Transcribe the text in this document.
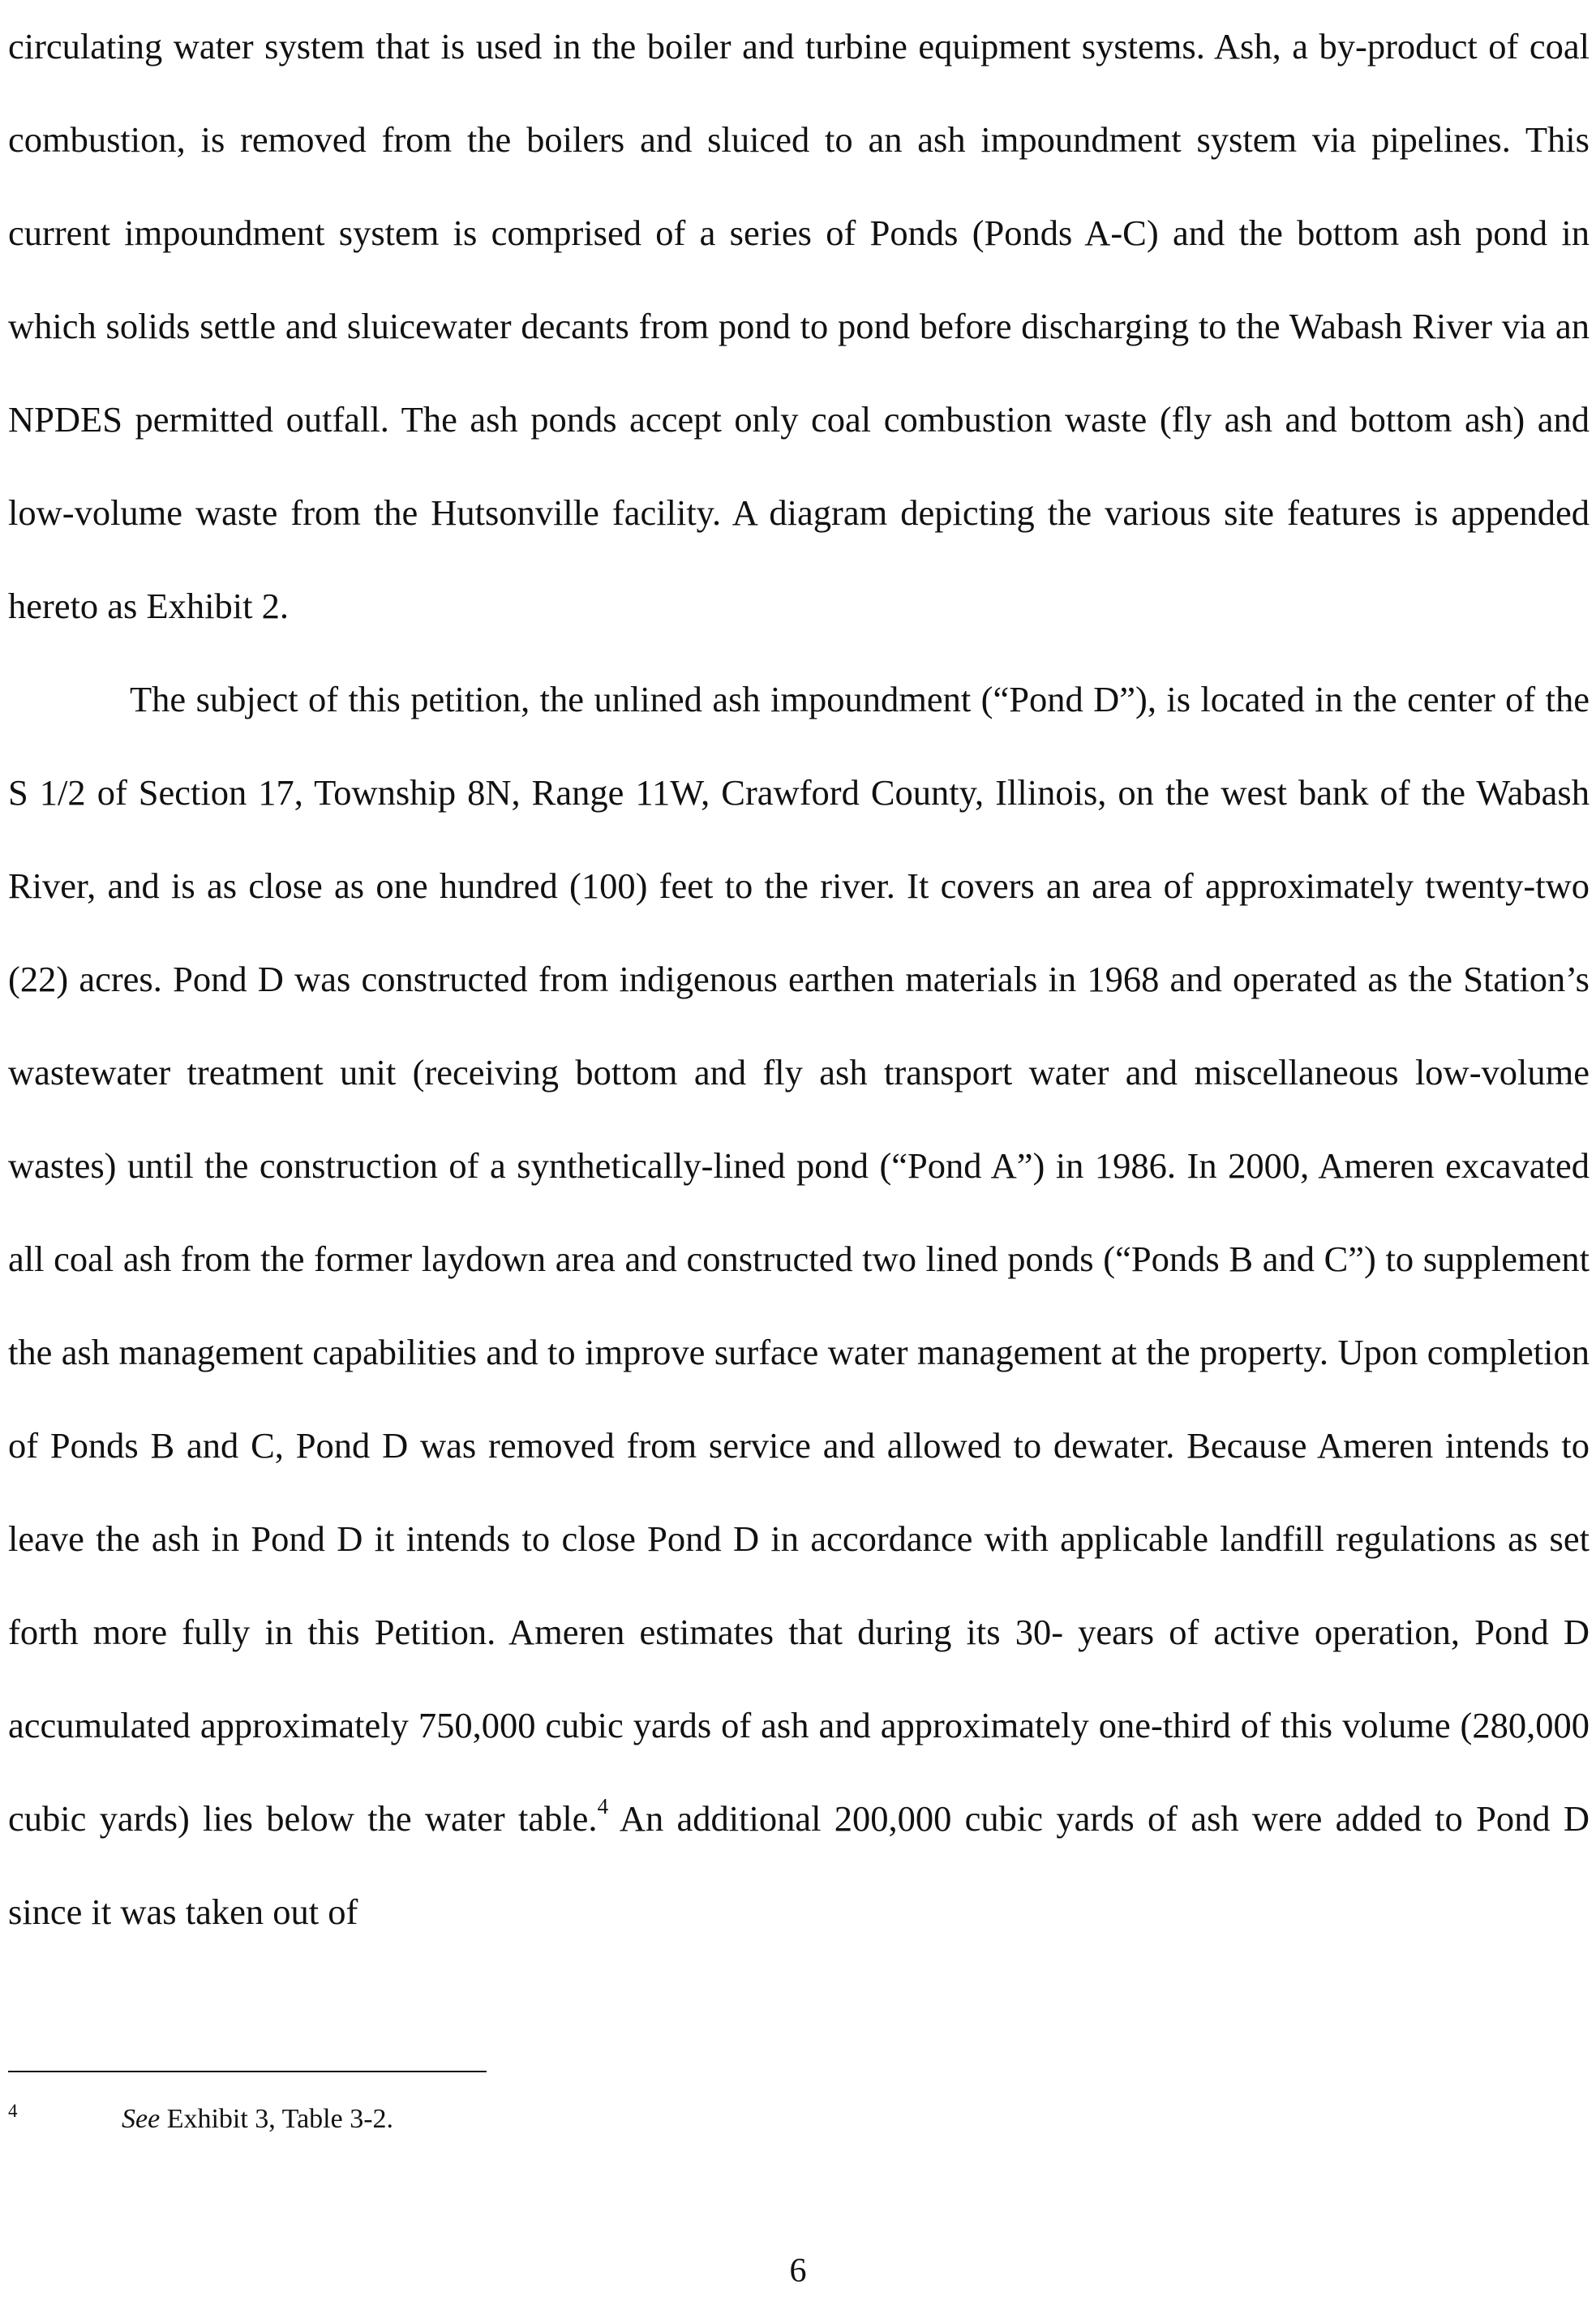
circulating water system that is used in the boiler and turbine equipment systems. Ash, a by-product of coal combustion, is removed from the boilers and sluiced to an ash impoundment system via pipelines. This current impoundment system is comprised of a series of Ponds (Ponds A-C) and the bottom ash pond in which solids settle and sluicewater decants from pond to pond before discharging to the Wabash River via an NPDES permitted outfall. The ash ponds accept only coal combustion waste (fly ash and bottom ash) and low-volume waste from the Hutsonville facility. A diagram depicting the various site features is appended hereto as Exhibit 2.

The subject of this petition, the unlined ash impoundment (“Pond D”), is located in the center of the S 1/2 of Section 17, Township 8N, Range 11W, Crawford County, Illinois, on the west bank of the Wabash River, and is as close as one hundred (100) feet to the river. It covers an area of approximately twenty-two (22) acres. Pond D was constructed from indigenous earthen materials in 1968 and operated as the Station’s wastewater treatment unit (receiving bottom and fly ash transport water and miscellaneous low-volume wastes) until the construction of a synthetically-lined pond (“Pond A”) in 1986. In 2000, Ameren excavated all coal ash from the former laydown area and constructed two lined ponds (“Ponds B and C”) to supplement the ash management capabilities and to improve surface water management at the property. Upon completion of Ponds B and C, Pond D was removed from service and allowed to dewater. Because Ameren intends to leave the ash in Pond D it intends to close Pond D in accordance with applicable landfill regulations as set forth more fully in this Petition. Ameren estimates that during its 30- years of active operation, Pond D accumulated approximately 750,000 cubic yards of ash and approximately one-third of this volume (280,000 cubic yards) lies below the water table.$^4$ An additional 200,000 cubic yards of ash were added to Pond D since it was taken out of

4	See Exhibit 3, Table 3-2.
6
